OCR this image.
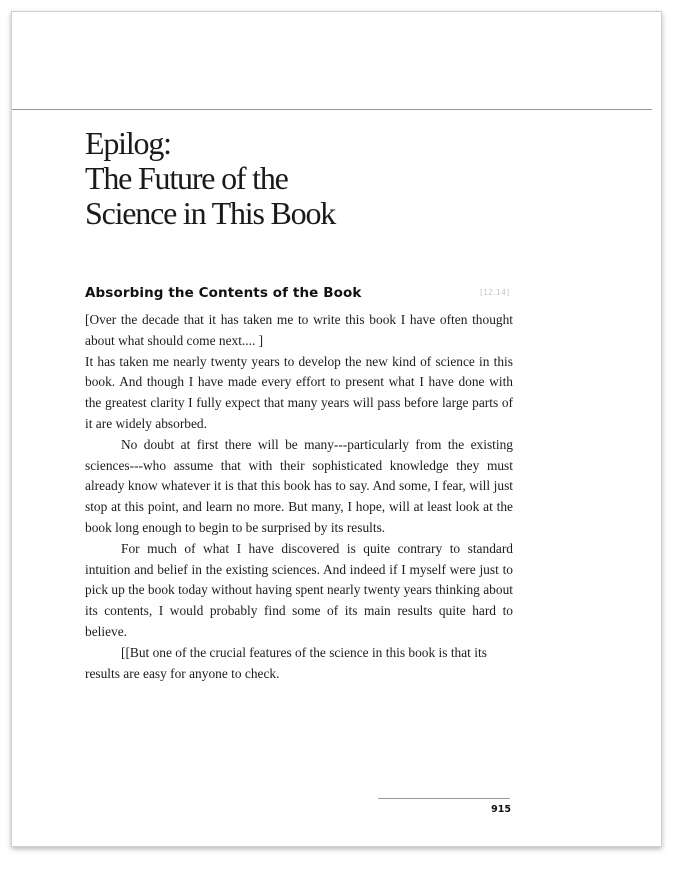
Epilog:
The Future of the
Science in This Book
Absorbing the Contents of the Book	[12.14]

[Over the decade that it has taken me to write this book I have often thought about what should come next.... ]

It has taken me nearly twenty years to develop the new kind of science in this book. And though I have made every effort to present what I have done with the greatest clarity I fully expect that many years will pass before large parts of it are widely absorbed.

No doubt at first there will be many---particularly from the existing sciences---who assume that with their sophisticated knowledge they must already know whatever it is that this book has to say. And some, I fear, will just stop at this point, and learn no more. But many, I hope, will at least look at the book long enough to begin to be surprised by its results.

For much of what I have discovered is quite contrary to standard intuition and belief in the existing sciences. And indeed if I myself were just to pick up the book today without having spent nearly twenty years thinking about its contents, I would probably find some of its main results quite hard to believe.

[[But one of the crucial features of the science in this book is that its results are easy for anyone to check.

915
